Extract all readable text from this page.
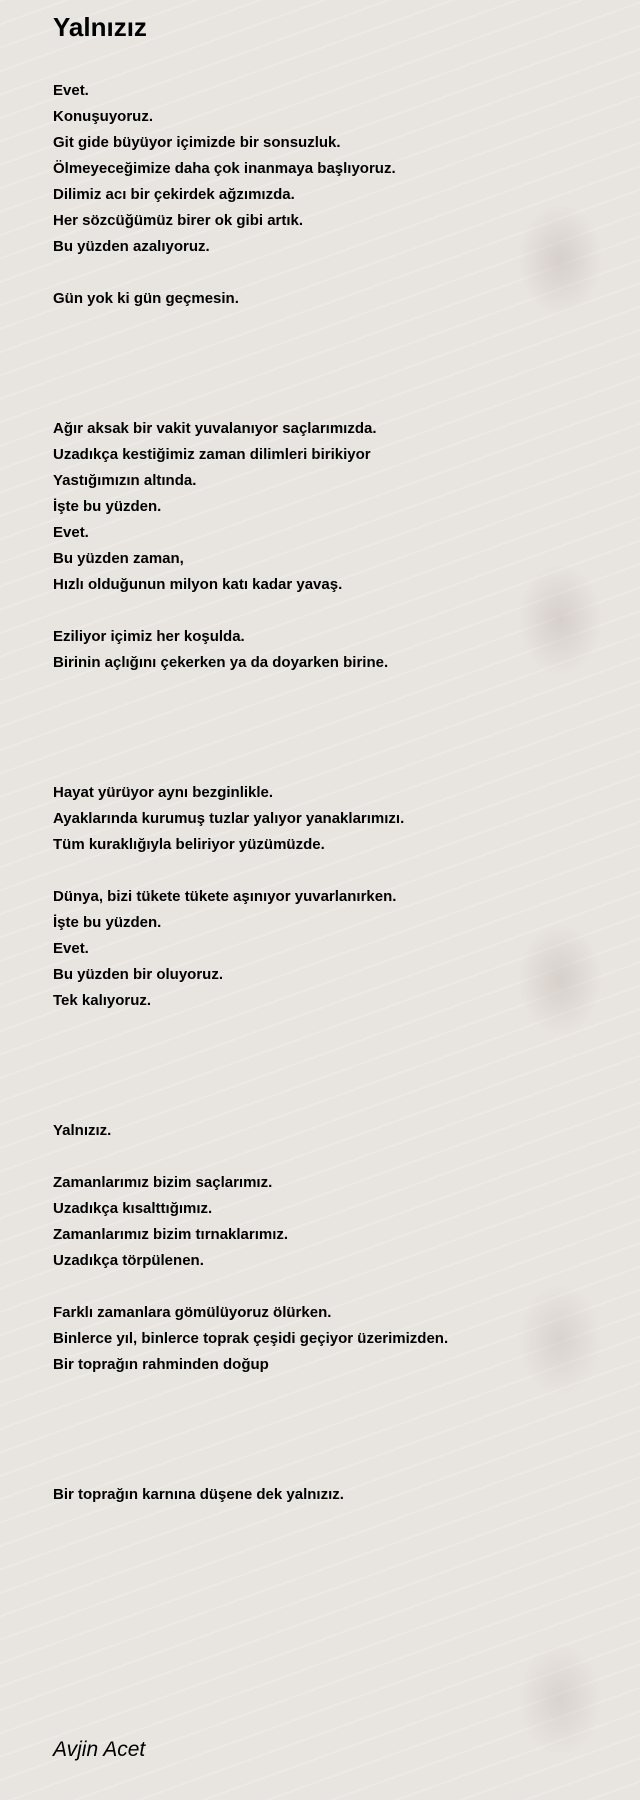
Yalnızız
Evet.
Konuşuyoruz.
Git gide büyüyor içimizde bir sonsuzluk.
Ölmeyeceğimize daha çok inanmaya başlıyoruz.
Dilimiz acı bir çekirdek ağzımızda.
Her sözcüğümüz birer ok gibi artık.
Bu yüzden azalıyoruz.
Gün yok ki gün geçmesin.
Ağır aksak bir vakit yuvalanıyor saçlarımızda.
Uzadıkça kestiğimiz zaman dilimleri birikiyor
Yastığımızın altında.
İşte bu yüzden.
Evet.
Bu yüzden zaman,
Hızlı olduğunun milyon katı kadar yavaş.
Eziliyor içimiz her koşulda.
Birinin açlığını çekerken ya da doyarken birine.
Hayat yürüyor aynı bezginlikle.
Ayaklarında kurumuş tuzlar yalıyor yanaklarımızı.
Tüm kuraklığıyla beliriyor yüzümüzde.
Dünya, bizi tükete tükete aşınıyor yuvarlanırken.
İşte bu yüzden.
Evet.
Bu yüzden bir oluyoruz.
Tek kalıyoruz.
Yalnızız.
Zamanlarımız bizim saçlarımız.
Uzadıkça kısalttığımız.
Zamanlarımız bizim tırnaklarımız.
Uzadıkça törpülenen.
Farklı zamanlara gömülüyoruz ölürken.
Binlerce yıl, binlerce toprak çeşidi geçiyor üzerimizden.
Bir toprağın rahminden doğup
Bir toprağın karnına düşene dek yalnızız.
Avjin Acet
